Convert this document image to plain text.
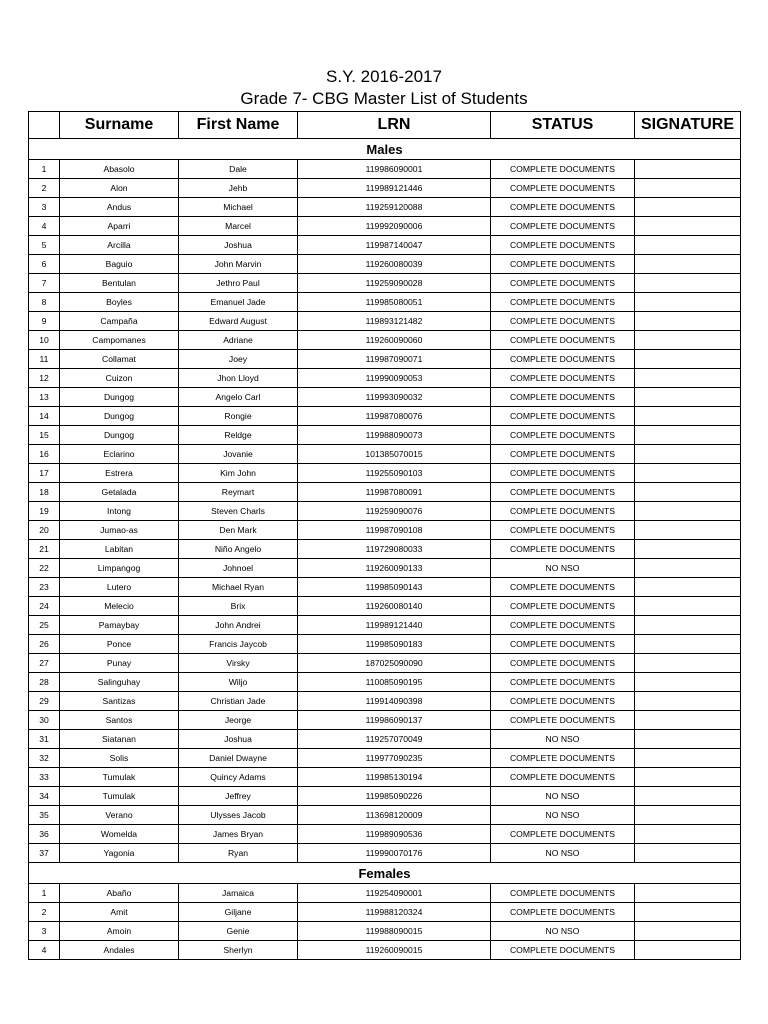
S.Y. 2016-2017
Grade 7- CBG Master List of Students
	Surname	First Name	LRN	STATUS	SIGNATURE
Males					
1	Abasolo	Dale	119986090001	COMPLETE DOCUMENTS	
2	Alon	Jehb	119989121446	COMPLETE DOCUMENTS	
3	Andus	Michael	119259120088	COMPLETE DOCUMENTS	
4	Aparri	Marcel	119992090006	COMPLETE DOCUMENTS	
5	Arcilla	Joshua	119987140047	COMPLETE DOCUMENTS	
6	Baguio	John Marvin	119260080039	COMPLETE DOCUMENTS	
7	Bentulan	Jethro Paul	119259090028	COMPLETE DOCUMENTS	
8	Boyles	Emanuel Jade	119985080051	COMPLETE DOCUMENTS	
9	Campaña	Edward August	119893121482	COMPLETE DOCUMENTS	
10	Campomanes	Adriane	119260090060	COMPLETE DOCUMENTS	
11	Collamat	Joey	119987090071	COMPLETE DOCUMENTS	
12	Cuizon	Jhon Lloyd	119990090053	COMPLETE DOCUMENTS	
13	Dungog	Angelo Carl	119993090032	COMPLETE DOCUMENTS	
14	Dungog	Rongie	119987080076	COMPLETE DOCUMENTS	
15	Dungog	Reldge	119988090073	COMPLETE DOCUMENTS	
16	Eclarino	Jovanie	101385070015	COMPLETE DOCUMENTS	
17	Estrera	Kim John	119255090103	COMPLETE DOCUMENTS	
18	Getalada	Reymart	119987080091	COMPLETE DOCUMENTS	
19	Intong	Steven Charls	119259090076	COMPLETE DOCUMENTS	
20	Jumao-as	Den Mark	119987090108	COMPLETE DOCUMENTS	
21	Labitan	Niño Angelo	119729080033	COMPLETE DOCUMENTS	
22	Limpangog	Johnoel	119260090133	NO NSO	
23	Lutero	Michael Ryan	119985090143	COMPLETE DOCUMENTS	
24	Melecio	Brix	119260080140	COMPLETE DOCUMENTS	
25	Pamaybay	John Andrei	119989121440	COMPLETE DOCUMENTS	
26	Ponce	Francis Jaycob	119985090183	COMPLETE DOCUMENTS	
27	Punay	Virsky	187025090090	COMPLETE DOCUMENTS	
28	Salinguhay	Wiljo	110085090195	COMPLETE DOCUMENTS	
29	Santizas	Christian Jade	119914090398	COMPLETE DOCUMENTS	
30	Santos	Jeorge	119986090137	COMPLETE DOCUMENTS	
31	Siatanan	Joshua	119257070049	NO NSO	
32	Solis	Daniel Dwayne	119977090235	COMPLETE DOCUMENTS	
33	Tumulak	Quincy Adams	119985130194	COMPLETE DOCUMENTS	
34	Tumulak	Jeffrey	119985090226	NO NSO	
35	Verano	Ulysses Jacob	113698120009	NO NSO	
36	Womelda	James Bryan	119989090536	COMPLETE DOCUMENTS	
37	Yagonia	Ryan	119990070176	NO NSO	
Females					
1	Abaño	Jamaica	119254090001	COMPLETE DOCUMENTS	
2	Amit	Giljane	119988120324	COMPLETE DOCUMENTS	
3	Amoin	Genie	119988090015	NO NSO	
4	Andales	Sherlyn	119260090015	COMPLETE DOCUMENTS	
